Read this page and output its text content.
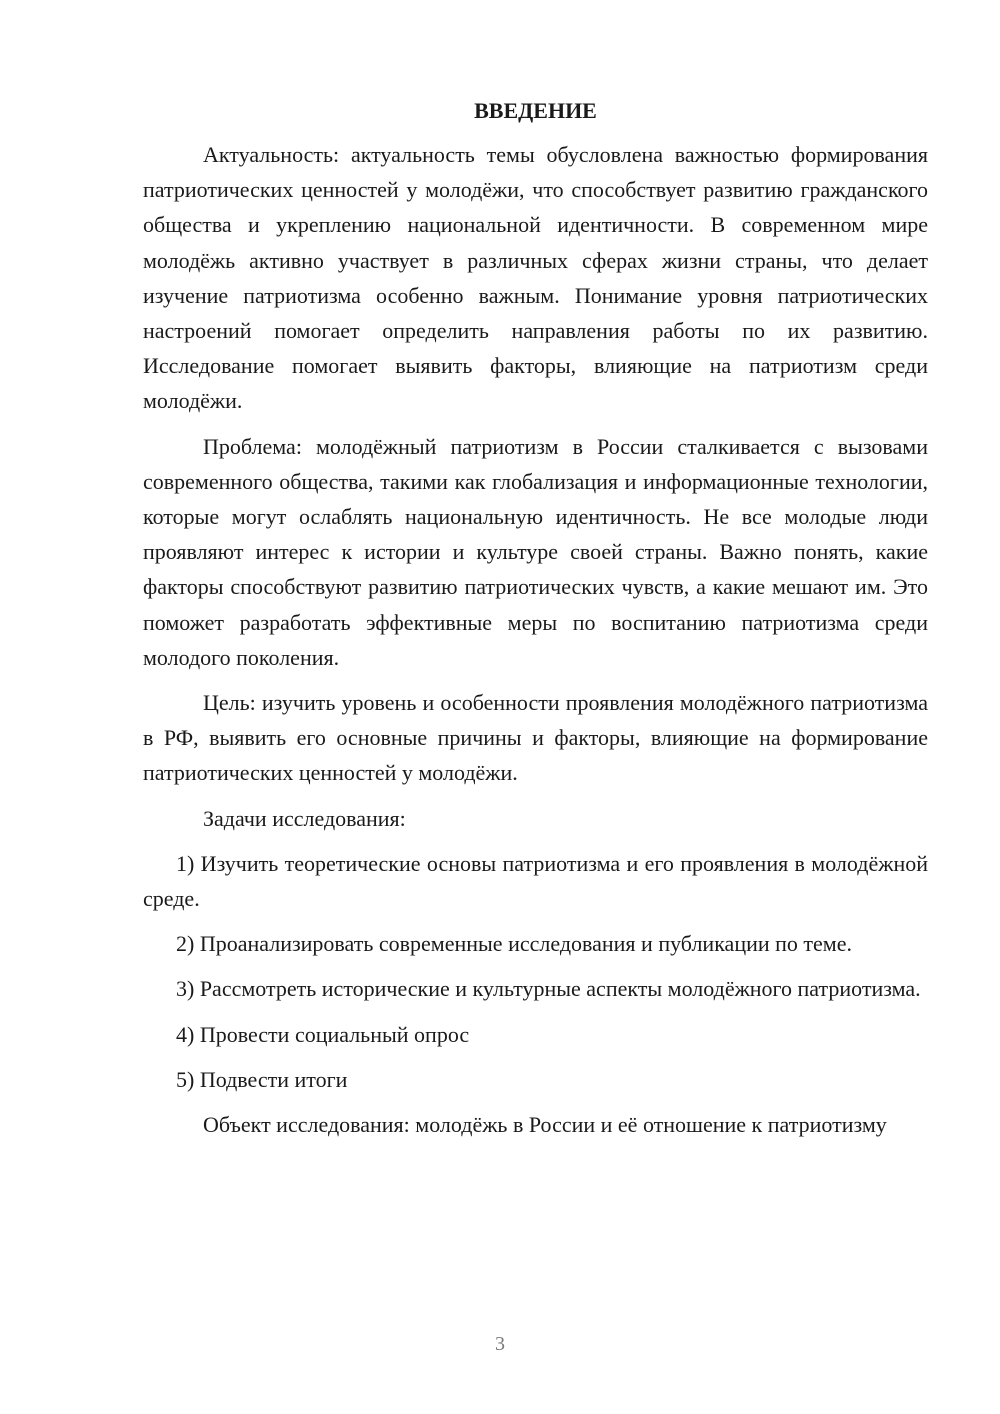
ВВЕДЕНИЕ

Актуальность: актуальность темы обусловлена важностью формирования патриотических ценностей у молодёжи, что способствует развитию гражданского общества и укреплению национальной идентичности. В современном мире молодёжь активно участвует в различных сферах жизни страны, что делает изучение патриотизма особенно важным. Понимание уровня патриотических настроений помогает определить направления работы по их развитию. Исследование помогает выявить факторы, влияющие на патриотизм среди молодёжи.

Проблема: молодёжный патриотизм в России сталкивается с вызовами современного общества, такими как глобализация и информационные технологии, которые могут ослаблять национальную идентичность. Не все молодые люди проявляют интерес к истории и культуре своей страны. Важно понять, какие факторы способствуют развитию патриотических чувств, а какие мешают им. Это поможет разработать эффективные меры по воспитанию патриотизма среди молодого поколения.

Цель: изучить уровень и особенности проявления молодёжного патриотизма в РФ, выявить его основные причины и факторы, влияющие на формирование патриотических ценностей у молодёжи.

Задачи исследования:

1) Изучить теоретические основы патриотизма и его проявления в молодёжной среде.

2) Проанализировать современные исследования и публикации по теме.

3) Рассмотреть исторические и культурные аспекты молодёжного патриотизма.

4) Провести социальный опрос

5) Подвести итоги

Объект исследования: молодёжь в России и её отношение к патриотизму

3
